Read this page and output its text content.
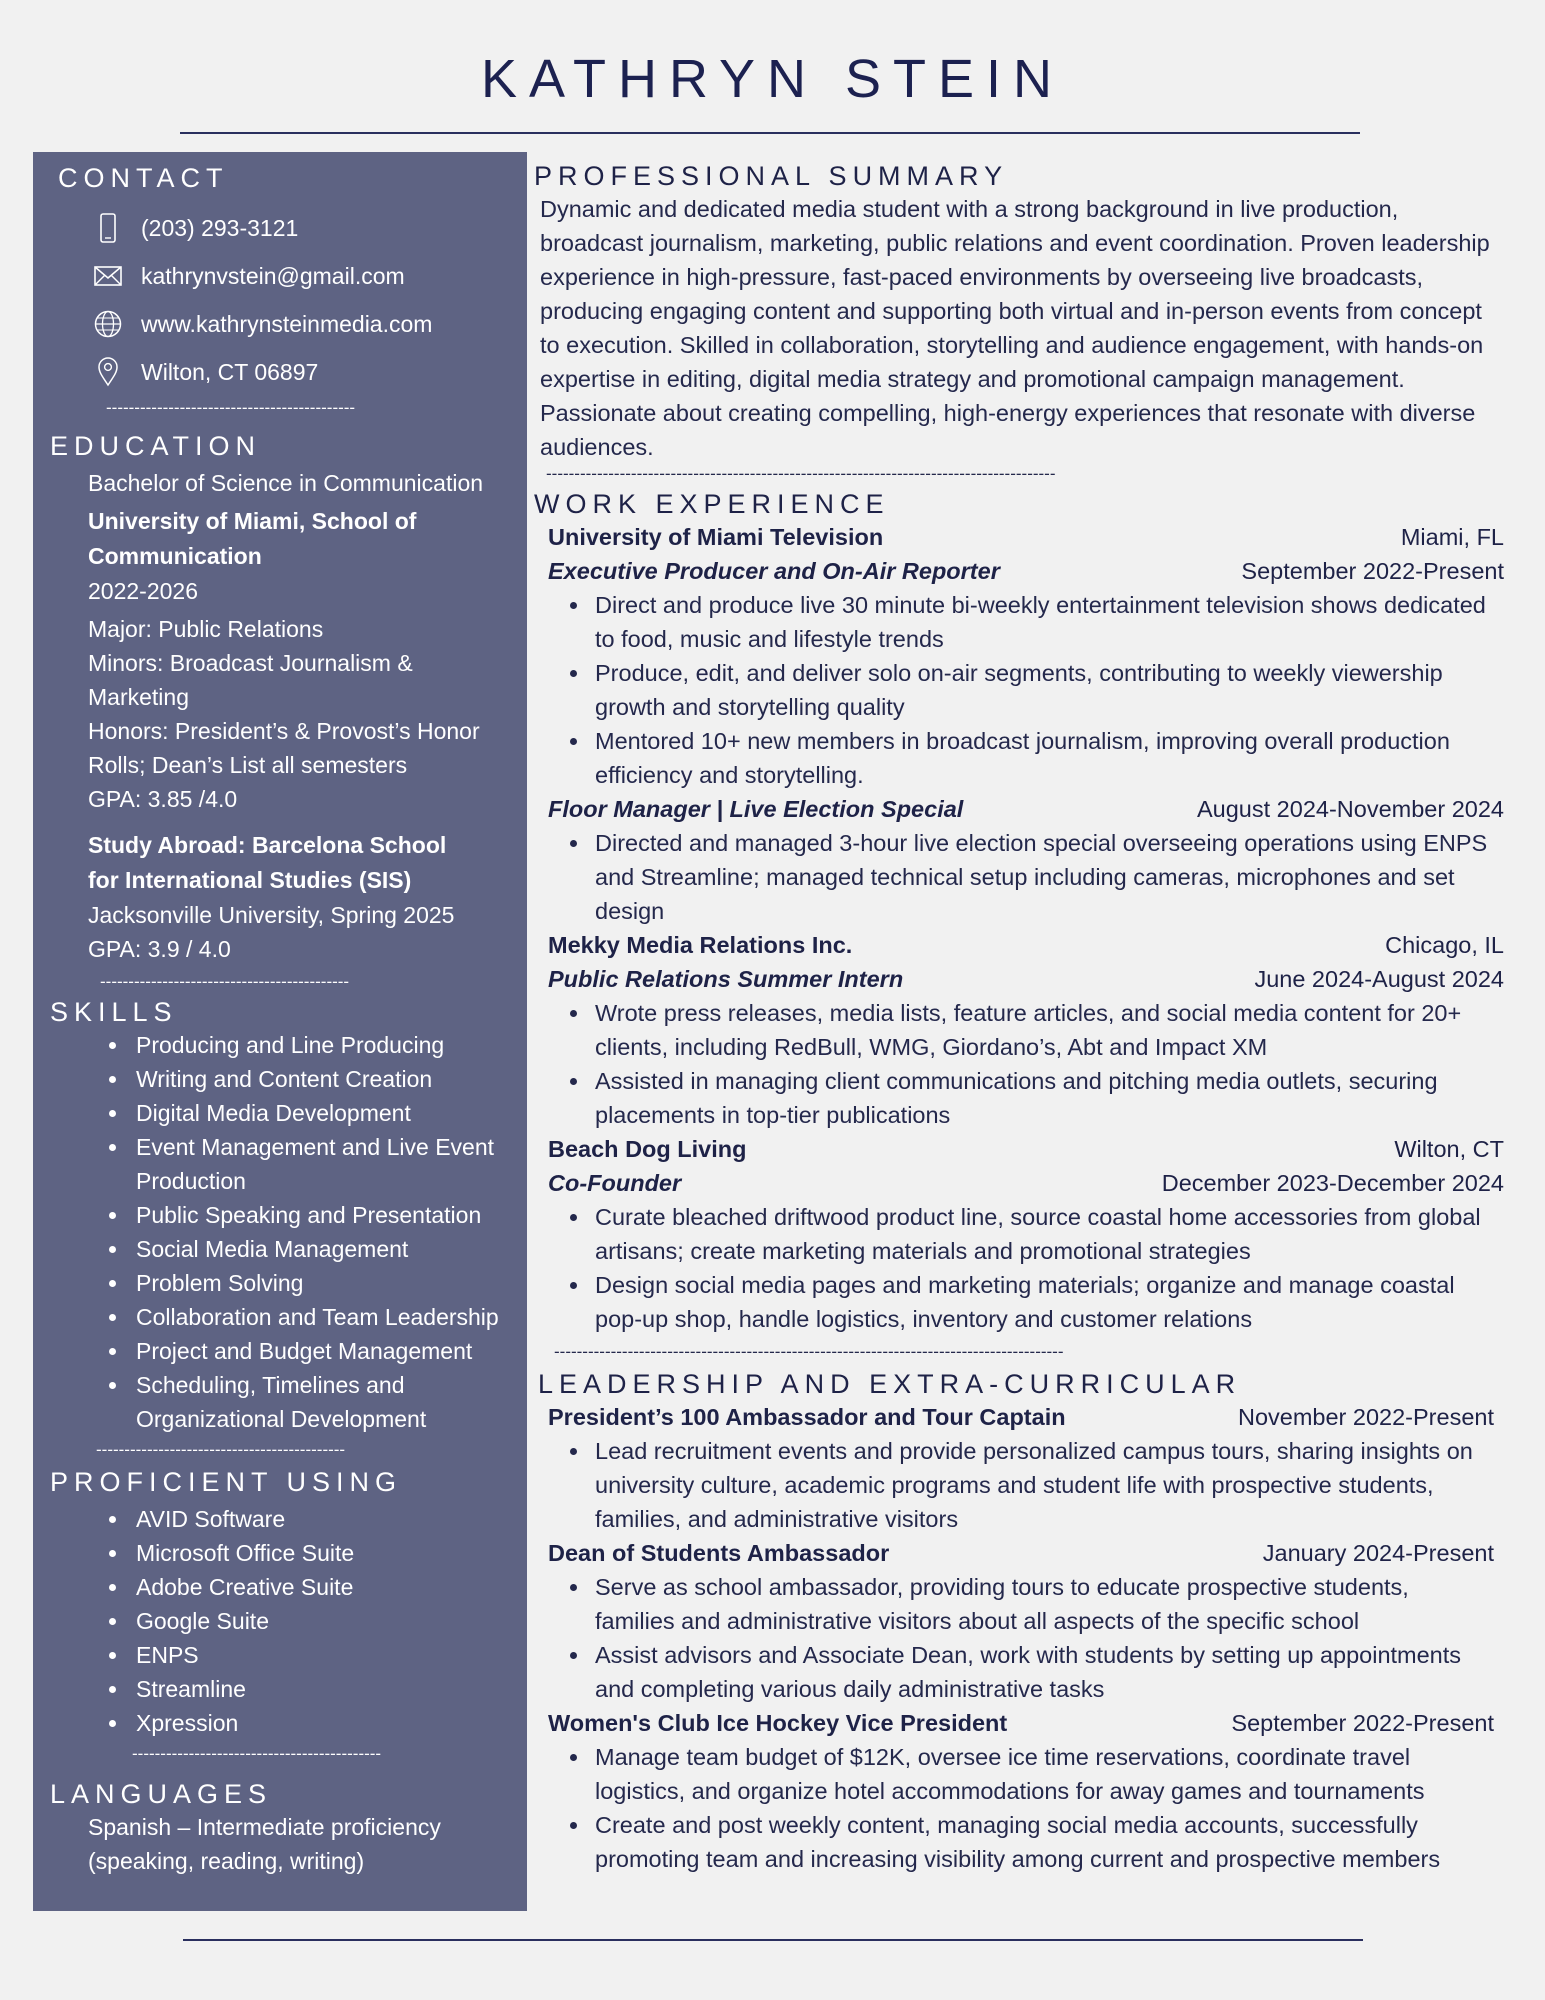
KATHRYN STEIN
CONTACT
(203) 293-3121
kathrynvstein@gmail.com
www.kathrynsteinmedia.com
Wilton, CT 06897
--------------------------------------------
EDUCATION
Bachelor of Science in Communication
University of Miami, School of
Communication
2022-2026
Major: Public Relations
Minors: Broadcast Journalism &
Marketing
Honors: President’s & Provost’s Honor
Rolls; Dean’s List all semesters
GPA: 3.85 /4.0
Study Abroad: Barcelona School
for International Studies (SIS)
Jacksonville University, Spring 2025
GPA: 3.9 / 4.0
--------------------------------------------
SKILLS
• Producing and Line Producing
• Writing and Content Creation
• Digital Media Development
• Event Management and Live Event Production
• Public Speaking and Presentation
• Social Media Management
• Problem Solving
• Collaboration and Team Leadership
• Project and Budget Management
• Scheduling, Timelines and Organizational Development
--------------------------------------------
PROFICIENT USING
• AVID Software
• Microsoft Office Suite
• Adobe Creative Suite
• Google Suite
• ENPS
• Streamline
• Xpression
--------------------------------------------
LANGUAGES
Spanish – Intermediate proficiency
(speaking, reading, writing)
PROFESSIONAL SUMMARY

Dynamic and dedicated media student with a strong background in live production, broadcast journalism, marketing, public relations and event coordination. Proven leadership experience in high-pressure, fast-paced environments by overseeing live broadcasts, producing engaging content and supporting both virtual and in-person events from concept to execution. Skilled in collaboration, storytelling and audience engagement, with hands-on expertise in editing, digital media strategy and promotional campaign management. Passionate about creating compelling, high-energy experiences that resonate with diverse audiences.

------------------------------------------------------------------------------------------
WORK EXPERIENCE
University of Miami Television	Miami, FL
Executive Producer and On-Air Reporter	September 2022-Present
• Direct and produce live 30 minute bi-weekly entertainment television shows dedicated to food, music and lifestyle trends
• Produce, edit, and deliver solo on-air segments, contributing to weekly viewership growth and storytelling quality
• Mentored 10+ new members in broadcast journalism, improving overall production efficiency and storytelling.
Floor Manager | Live Election Special	August 2024-November 2024
• Directed and managed 3-hour live election special overseeing operations using ENPS and Streamline; managed technical setup including cameras, microphones and set design
Mekky Media Relations Inc.	Chicago, IL
Public Relations Summer Intern	June 2024-August 2024
• Wrote press releases, media lists, feature articles, and social media content for 20+ clients, including RedBull, WMG, Giordano’s, Abt and Impact XM
• Assisted in managing client communications and pitching media outlets, securing placements in top-tier publications
Beach Dog Living	Wilton, CT
Co-Founder	December 2023-December 2024
• Curate bleached driftwood product line, source coastal home accessories from global artisans; create marketing materials and promotional strategies
• Design social media pages and marketing materials; organize and manage coastal pop-up shop, handle logistics, inventory and customer relations
------------------------------------------------------------------------------------------
LEADERSHIP AND EXTRA-CURRICULAR
President’s 100 Ambassador and Tour Captain	November 2022-Present
• Lead recruitment events and provide personalized campus tours, sharing insights on university culture, academic programs and student life with prospective students, families, and administrative visitors
Dean of Students Ambassador	January 2024-Present
• Serve as school ambassador, providing tours to educate prospective students, families and administrative visitors about all aspects of the specific school
• Assist advisors and Associate Dean, work with students by setting up appointments and completing various daily administrative tasks
Women's Club Ice Hockey Vice President	September 2022-Present
• Manage team budget of $12K, oversee ice time reservations, coordinate travel logistics, and organize hotel accommodations for away games and tournaments
• Create and post weekly content, managing social media accounts, successfully promoting team and increasing visibility among current and prospective members
